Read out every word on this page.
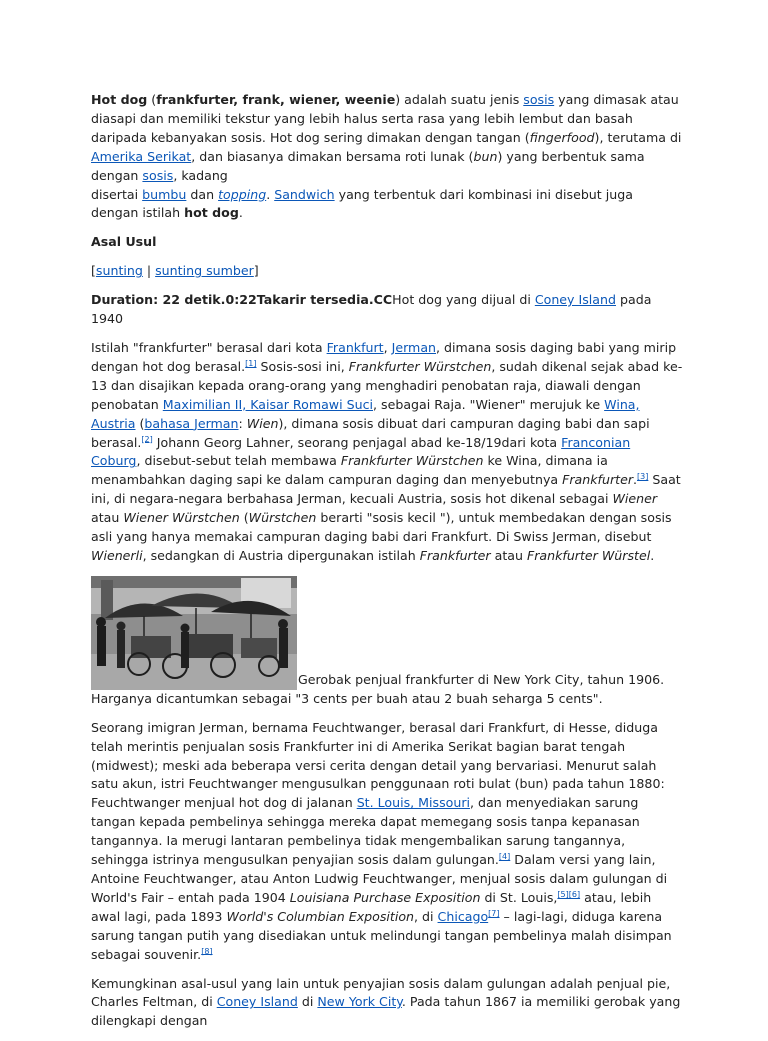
Hot dog (frankfurter, frank, wiener, weenie) adalah suatu jenis sosis yang dimasak atau diasapi dan memiliki tekstur yang lebih halus serta rasa yang lebih lembut dan basah daripada kebanyakan sosis. Hot dog sering dimakan dengan tangan (fingerfood), terutama di Amerika Serikat, dan biasanya dimakan bersama roti lunak (bun) yang berbentuk sama dengan sosis, kadang
disertai bumbu dan topping. Sandwich yang terbentuk dari kombinasi ini disebut juga dengan istilah hot dog.

Asal Usul

[sunting | sunting sumber]

Duration: 22 detik.0:22Takarir tersedia.CCHot dog yang dijual di Coney Island pada 1940

Istilah "frankfurter" berasal dari kota Frankfurt, Jerman, dimana sosis daging babi yang mirip dengan hot dog berasal.[1] Sosis-sosi ini, Frankfurter Würstchen, sudah dikenal sejak abad ke-13 dan disajikan kepada orang-orang yang menghadiri penobatan raja, diawali dengan penobatan Maximilian II, Kaisar Romawi Suci, sebagai Raja. "Wiener" merujuk ke Wina, Austria (bahasa Jerman: Wien), dimana sosis dibuat dari campuran daging babi dan sapi berasal.[2] Johann Georg Lahner, seorang penjagal abad ke-18/19dari kota Franconian Coburg, disebut-sebut telah membawa Frankfurter Würstchen ke Wina, dimana ia menambahkan daging sapi ke dalam campuran daging dan menyebutnya Frankfurter.[3] Saat ini, di negara-negara berbahasa Jerman, kecuali Austria, sosis hot dikenal sebagai Wiener atau Wiener Würstchen (Würstchen berarti "sosis kecil "), untuk membedakan dengan sosis asli yang hanya memakai campuran daging babi dari Frankfurt. Di Swiss Jerman, disebut Wienerli, sedangkan di Austria dipergunakan istilah Frankfurter atau Frankfurter Würstel.

Gerobak penjual frankfurter di New York City, tahun 1906. Harganya dicantumkan sebagai "3 cents per buah atau 2 buah seharga 5 cents".

Seorang imigran Jerman, bernama Feuchtwanger, berasal dari Frankfurt, di Hesse, diduga telah merintis penjualan sosis Frankfurter ini di Amerika Serikat bagian barat tengah (midwest); meski ada beberapa versi cerita dengan detail yang bervariasi. Menurut salah satu akun, istri Feuchtwanger mengusulkan penggunaan roti bulat (bun) pada tahun 1880: Feuchtwanger menjual hot dog di jalanan St. Louis, Missouri, dan menyediakan sarung tangan kepada pembelinya sehingga mereka dapat memegang sosis tanpa kepanasan tangannya. Ia merugi lantaran pembelinya tidak mengembalikan sarung tangannya, sehingga istrinya mengusulkan penyajian sosis dalam gulungan.[4] Dalam versi yang lain, Antoine Feuchtwanger, atau Anton Ludwig Feuchtwanger, menjual sosis dalam gulungan di World's Fair – entah pada 1904 Louisiana Purchase Exposition di St. Louis,[5][6] atau, lebih awal lagi, pada 1893 World's Columbian Exposition, di Chicago[7] – lagi-lagi, diduga karena sarung tangan putih yang disediakan untuk melindungi tangan pembelinya malah disimpan sebagai souvenir.[8]

Kemungkinan asal-usul yang lain untuk penyajian sosis dalam gulungan adalah penjual pie, Charles Feltman, di Coney Island di New York City. Pada tahun 1867 ia memiliki gerobak yang dilengkapi dengan
